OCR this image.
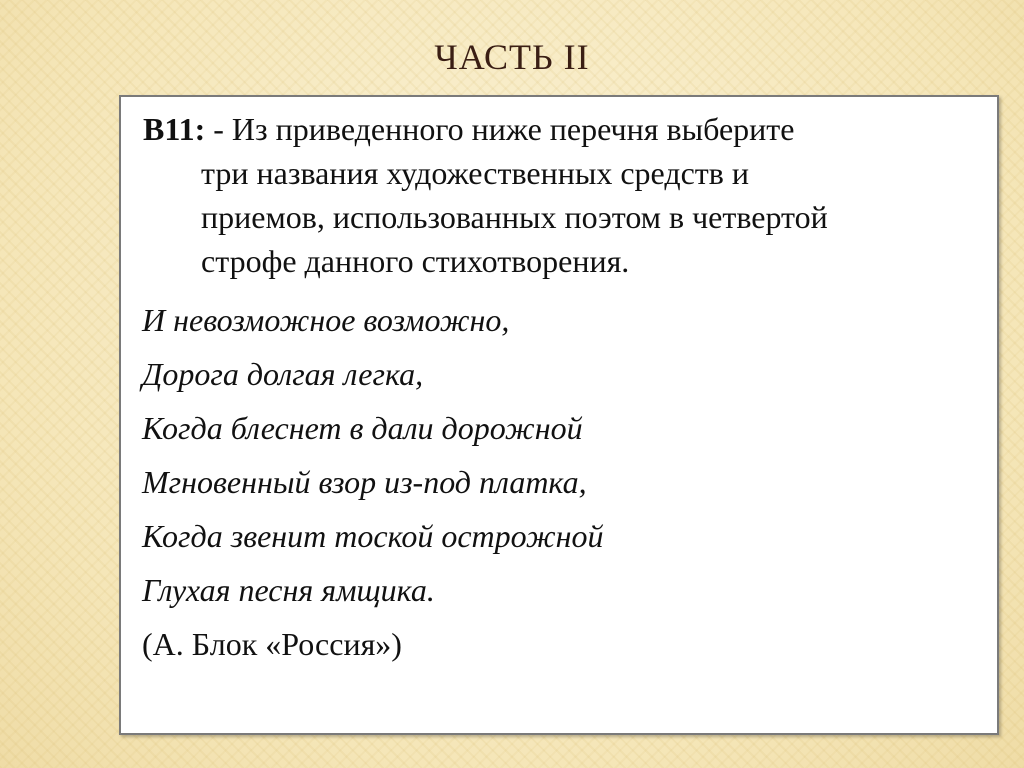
ЧАСТЬ II
B11: - Из приведенного ниже перечня выберите
три названия художественных средств и
приемов, использованных поэтом в четвертой
строфе данного стихотворения.
И невозможное возможно,
Дорога долгая легка,
Когда блеснет в дали дорожной
Мгновенный взор из-под платка,
Когда звенит тоской острожной
Глухая песня ямщика.
(А. Блок «Россия»)
